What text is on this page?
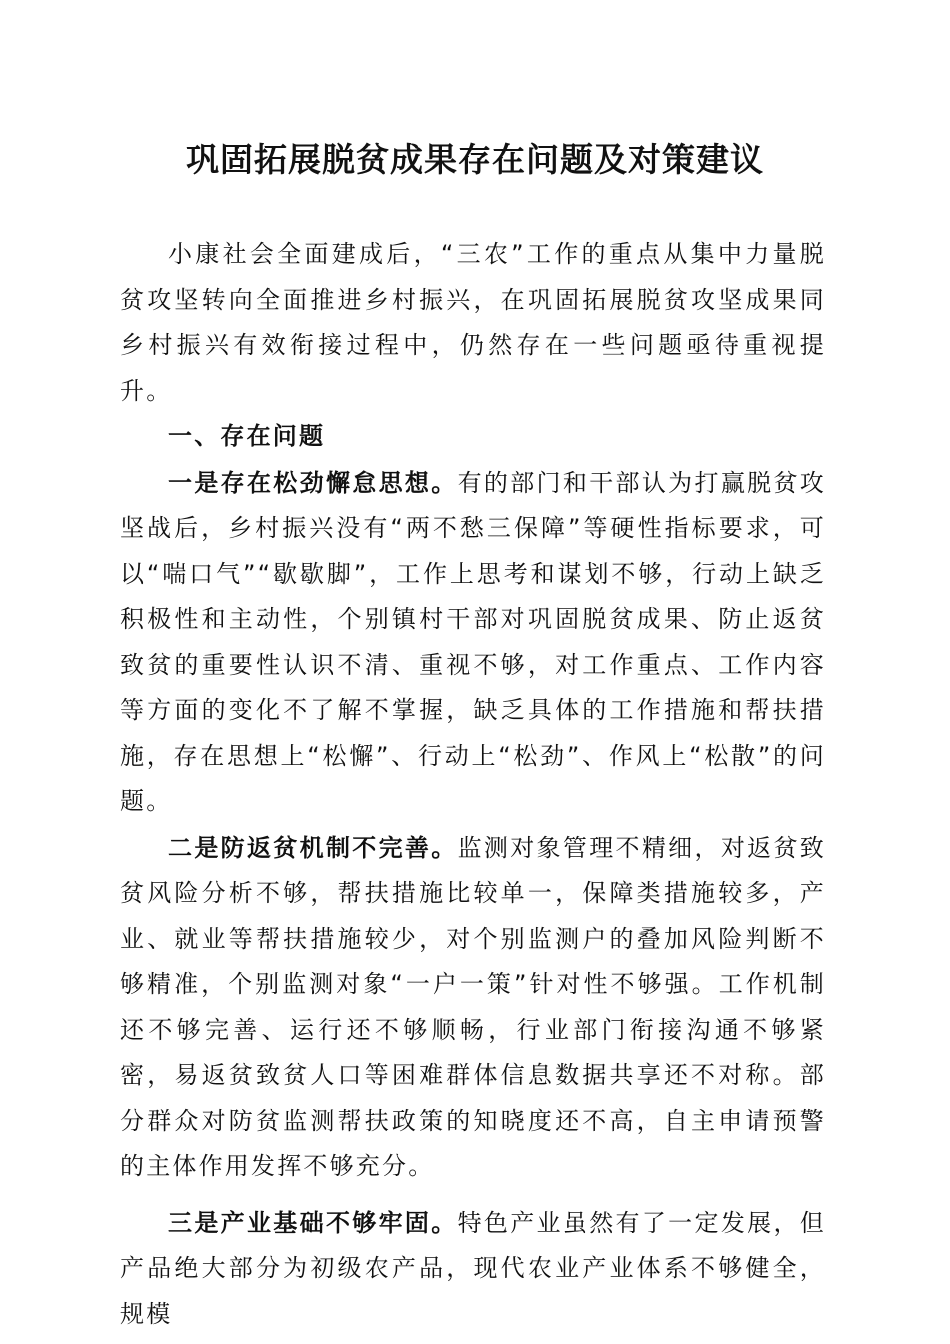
巩固拓展脱贫成果存在问题及对策建议

小康社会全面建成后，“三农”工作的重点从集中力量脱贫攻坚转向全面推进乡村振兴，在巩固拓展脱贫攻坚成果同乡村振兴有效衔接过程中，仍然存在一些问题亟待重视提升。

一、存在问题

一是存在松劲懈怠思想。有的部门和干部认为打赢脱贫攻坚战后，乡村振兴没有“两不愁三保障”等硬性指标要求，可以“喘口气”“歇歇脚”，工作上思考和谋划不够，行动上缺乏积极性和主动性，个别镇村干部对巩固脱贫成果、防止返贫致贫的重要性认识不清、重视不够，对工作重点、工作内容等方面的变化不了解不掌握，缺乏具体的工作措施和帮扶措施，存在思想上“松懈”、行动上“松劲”、作风上“松散”的问题。

二是防返贫机制不完善。监测对象管理不精细，对返贫致贫风险分析不够，帮扶措施比较单一，保障类措施较多，产业、就业等帮扶措施较少，对个别监测户的叠加风险判断不够精准，个别监测对象“一户一策”针对性不够强。工作机制还不够完善、运行还不够顺畅，行业部门衔接沟通不够紧密，易返贫致贫人口等困难群体信息数据共享还不对称。部分群众对防贫监测帮扶政策的知晓度还不高，自主申请预警的主体作用发挥不够充分。

三是产业基础不够牢固。特色产业虽然有了一定发展，但产品绝大部分为初级农产品，现代农业产业体系不够健全，规模
